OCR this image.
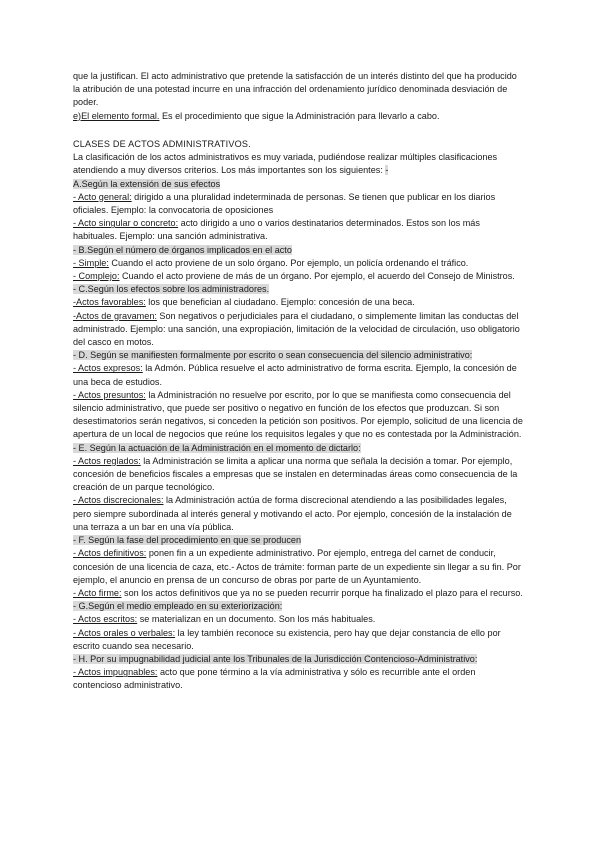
que la justifican. El acto administrativo que pretende la satisfacción de un interés distinto del que ha producido la atribución de una potestad incurre en una infracción del ordenamiento jurídico denominada desviación de poder.

e)El elemento formal. Es el procedimiento que sigue la Administración para llevarlo a cabo.

CLASES DE ACTOS ADMINISTRATIVOS.

La clasificación de los actos administrativos es muy variada, pudiéndose realizar múltiples clasificaciones atendiendo a muy diversos criterios. Los más importantes son los siguientes: -

A.Según la extensión de sus efectos

- Acto general: dirigido a una pluralidad indeterminada de personas. Se tienen que publicar en los diarios oficiales. Ejemplo: la convocatoria de oposiciones

- Acto singular o concreto: acto dirigido a uno o varios destinatarios determinados. Estos son los más habituales. Ejemplo: una sanción administrativa.

- B.Según el número de órganos implicados en el acto

- Simple: Cuando el acto proviene de un solo órgano. Por ejemplo, un policía ordenando el tráfico.

- Complejo: Cuando el acto proviene de más de un órgano. Por ejemplo, el acuerdo del Consejo de Ministros.

- C.Según los efectos sobre los administradores.

-Actos favorables: los que benefician al ciudadano. Ejemplo: concesión de una beca.

-Actos de gravamen: Son negativos o perjudiciales para el ciudadano, o simplemente limitan las conductas del administrado. Ejemplo: una sanción, una expropiación, limitación de la velocidad de circulación, uso obligatorio del casco en motos.

- D. Según se manifiesten formalmente por escrito o sean consecuencia del silencio administrativo:

- Actos expresos: la Admón. Pública resuelve el acto administrativo de forma escrita. Ejemplo, la concesión de una beca de estudios.

- Actos presuntos: la Administración no resuelve por escrito, por lo que se manifiesta como consecuencia del silencio administrativo, que puede ser positivo o negativo en función de los efectos que produzcan. Si son desestimatorios serán negativos, si conceden la petición son positivos. Por ejemplo, solicitud de una licencia de apertura de un local de negocios que reúne los requisitos legales y que no es contestada por la Administración.

- E. Según la actuación de la Administración en el momento de dictarlo:

- Actos reglados: la Administración se limita a aplicar una norma que señala la decisión a tomar. Por ejemplo, concesión de beneficios fiscales a empresas que se instalen en determinadas áreas como consecuencia de la creación de un parque tecnológico.

- Actos discrecionales: la Administración actúa de forma discrecional atendiendo a las posibilidades legales, pero siempre subordinada al interés general y motivando el acto. Por ejemplo, concesión de la instalación de una terraza a un bar en una vía pública.

- F. Según la fase del procedimiento en que se producen

- Actos definitivos: ponen fin a un expediente administrativo. Por ejemplo, entrega del carnet de conducir, concesión de una licencia de caza, etc.- Actos de trámite: forman parte de un expediente sin llegar a su fin. Por ejemplo, el anuncio en prensa de un concurso de obras por parte de un Ayuntamiento.

- Acto firme: son los actos definitivos que ya no se pueden recurrir porque ha finalizado el plazo para el recurso.

- G.Según el medio empleado en su exteriorización:

- Actos escritos: se materializan en un documento. Son los más habituales.

- Actos orales o verbales: la ley también reconoce su existencia, pero hay que dejar constancia de ello por escrito cuando sea necesario.

- H. Por su impugnabilidad judicial ante los Tribunales de la Jurisdicción Contencioso-Administrativo:

- Actos impugnables: acto que pone término a la vía administrativa y sólo es recurrible ante el orden contencioso administrativo.
